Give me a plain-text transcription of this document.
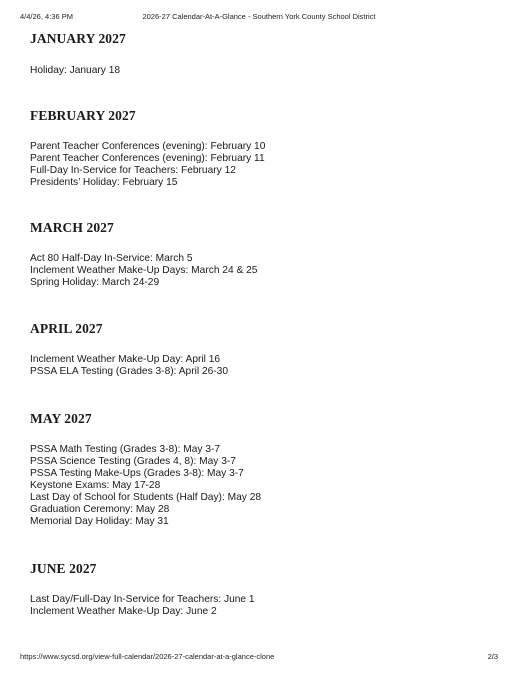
4/4/26, 4:36 PM	2026-27 Calendar-At-A-Glance - Southern York County School District
JANUARY 2027
Holiday: January 18
FEBRUARY 2027
Parent Teacher Conferences (evening): February 10
Parent Teacher Conferences (evening): February 11
Full-Day In-Service for Teachers: February 12
Presidents’ Holiday: February 15
MARCH 2027
Act 80 Half-Day In-Service: March 5
Inclement Weather Make-Up Days: March 24 & 25
Spring Holiday: March 24-29
APRIL 2027
Inclement Weather Make-Up Day: April 16
PSSA ELA Testing (Grades 3-8): April 26-30
MAY 2027
PSSA Math Testing (Grades 3-8): May 3-7
PSSA Science Testing (Grades 4, 8): May 3-7
PSSA Testing Make-Ups (Grades 3-8): May 3-7
Keystone Exams: May 17-28
Last Day of School for Students (Half Day): May 28
Graduation Ceremony: May 28
Memorial Day Holiday: May 31
JUNE 2027
Last Day/Full-Day In-Service for Teachers: June 1
Inclement Weather Make-Up Day: June 2
https://www.sycsd.org/view-full-calendar/2026-27-calendar-at-a-glance-clone	2/3
